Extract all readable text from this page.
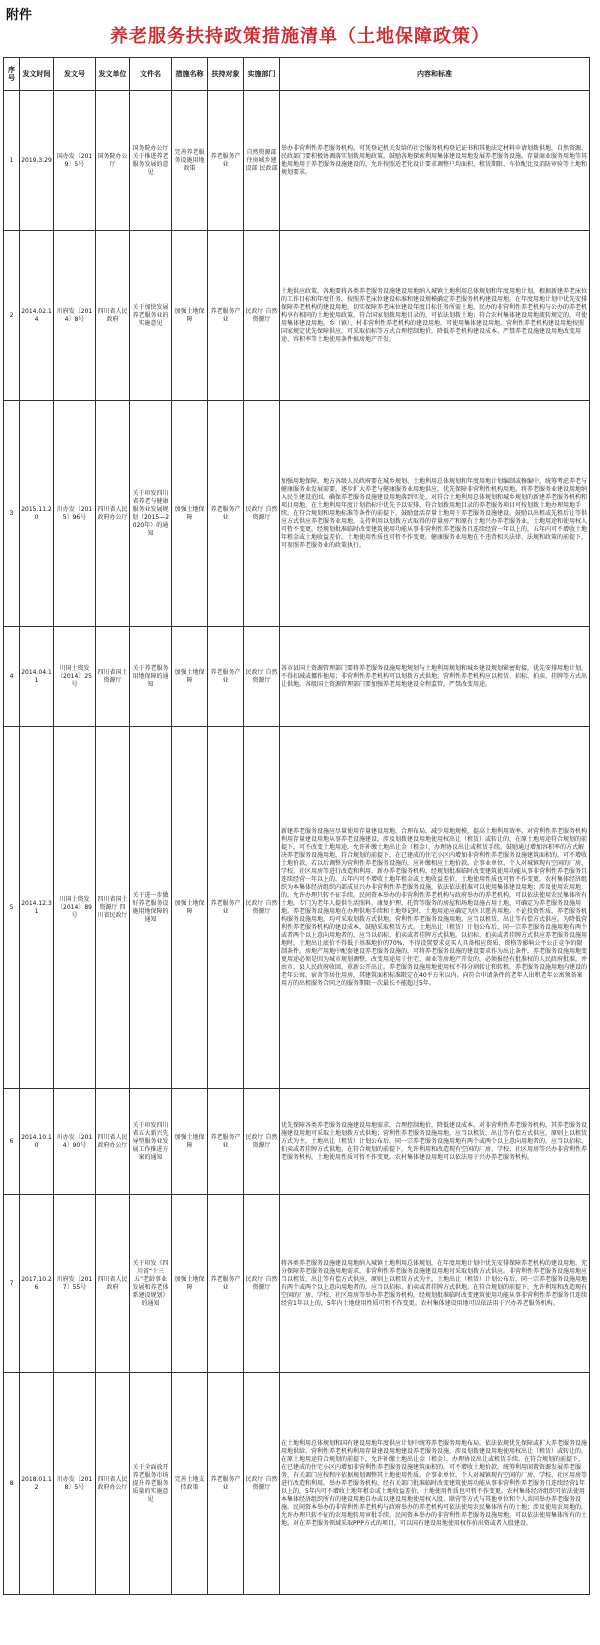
附件
养老服务扶持政策措施清单（土地保障政策）
序号	发文时间	发文号	发文单位	文件名	措施名称	扶持对象	实施部门	内容和标准
1	2019.3.29	国办发〔2019〕5号	国务院办公厅	国务院办公厅关于推进养老服务发展的意见	完善养老服务设施用地政策	养老服务产业	自然资源部 住房城乡建设部 民政部	举办非营利性养老服务机构，可凭登记机关发给的社会服务机构登记证书和其他法定材料申请划拨供地，自然资源、民政部门要积极协调落实划拨用地政策。鼓励各地探索利用集体建设用地发展养老服务设施。存量商业服务用地等其他用地用于养老服务设施建设的，允许按照适老化设计要求调整户均面积、租赁期限、车位配比及消防审验等土地和规划要求。
2	2014.02.14	川府发〔2014〕8号	四川省人民政府	关于加快发展养老服务业的实施意见	加强土地保障	养老服务产业	民政厅 自然资源厅	土地供应政策。各地要将各类养老服务设施建设用地纳入城镇土地利用总体规划和年度用地计划，根据新建养老床位的工作目标和年度任务，按照养老床位建设标准和建设规模确定养老服务机构建设用地。在年度用地计划中优先安排保障养老机构的建设用地，切实保障养老床位建设年度目标任务所需土地。民办的非营利性养老机构与公办的养老机构享有相同的土地使用政策，符合国家划拨用地目录的，可依法划拨土地；符合农村集体建设用地流转规定的，可使用集体建设用地。乡（镇）、村非营利性养老机构的建设用地，可使用集体建设用地。营利性养老机构建设用地按照国家规定优先保障供应，可采取招标等方式合理控制地价，降低养老机构建设成本。严禁养老设施建设用地改变用途、容积率等土地使用条件搞房地产开发。
3	2015.11.20	川办发〔2015〕96号	四川省人民政府办公厅	关于印发四川省养老与健康服务业发展规划（2015—2020年）的通知	加强土地保障	养老服务产业	民政厅 自然资源厅	加强用地保障。地方各级人民政府要在城乡规划、土地利用总体规划和年度用地计划编制或修编中，统筹考虑养老与健康服务业发展需要，逐步扩大养老与健康服务业用地供应，优先保障非营利性机构用地。将养老服务业建设用地纳入民生建设范围，确保养老服务设施建设用地落到实处，对符合土地利用总体规划和城乡规划的新建养老服务机构和项目用地，在土地利用年度计划指标中优先予以安排，符合划拨用地目录的养老服务项目可按划拨土地办理用地手续。在符合规划和用地标准等条件的前提下，鼓励盘活存量土地用于养老服务设施建设。鼓励以出租或先租后让等供应方式供应养老服务业用地，支持利用以划拨方式取得的存量房产和原有土地兴办养老服务业，土地用途和使用权人可暂不变更。经规划批准临时改变建筑使用功能从事非营利性养老服务且连续经营一年以上的，五年内可不增收土地年租金或土地收益差价，土地使用性质也可暂不作变更。健康服务业用地在不违背相关法律、法规和政策的前提下，可参照养老服务业的政策执行。
4	2014.04.11	川国土资发〔2014〕25号	四川省国土资源厅	关于养老服务用地保障的通知	加强土地保障	养老服务产业	民政厅 自然资源厅	各市县国土资源管理部门要将养老服务设施用地规划与土地利用规划和城乡建设规划紧密衔接，优先安排用地计划，不得扣减或挪作他用；非营利性养老机构可以划拨方式供地，营利性养老机构应以租赁、招标、拍卖、挂牌等方式出让供地。各级国土资源管理部门要加强养老用地建设全程监管，严禁改变用途。
5	2014.12.31	川国土资发〔2014〕89号	四川省国土资源厅 四川省民政厅	关于进一步做好养老服务设施用地保障的通知	加强土地保障	养老服务产业	民政厅 自然资源厅	新建养老服务设施应尽量使用存量建设用地，合理布局，减少用地规模，提高土地利用效率。对营利性养老服务机构利用存量建设用地从事养老设施建设，涉及划拨建设用地使用权出让（租赁）或转让的，在原土地用途符合规划的前提下，可不改变土地用途，允许补缴土地出让金（租金），办理协议出让或租赁手续。鼓励通过增加容积率的方式解决养老服务设施用地，符合规划的前提下，在已建成的住宅小区内增加非营利性养老服务设施建筑面积的，可不增收土地价款，若以后调整为营利性养老服务设施的，应补缴相应土地价款。企事业单位、个人对城镇现有空闲的厂房、学校、社区用房等进行改造和利用，新办养老服务机构，经规划批准临时改变建筑使用功能从事非营利性养老服务且连续经营一年以上的，五年内可不增收土地年租金或土地收益差价，土地使用性质也可暂不作变更。农村集体经济组织为本集体经济组织内部成员兴办非营利性养老服务设施，依法依法批准可以使用集体建设用地；涉及使用农用地的，允许办理只转不征手续。民间资本举办的非营利性养老机构与政府举办的养老机构，可以依法使用农民集体所有土地。专门为老年人提供生活照料、康复护理、托管等服务的房屋和场地设施占用土地，可确定为养老服务设施用地。养老服务设施用地在办理供地手续和土地登记时，土地用途应确定为医卫慈善用地。不论投资性质，养老服务机构服务设施用地，均可采取划拨方式供地。营利性养老服务设施用地，应当以租赁、出让等有偿方式供应。为降低营利性养老服务机构的建设成本，鼓励采取租赁方式。土地出让（租赁）计划公布后，同一宗养老服务设施用地有两个或者两个以上意向用地者的，应当以招标、拍卖或者挂牌方式供地。以招标、拍卖或者挂牌方式供应养老服务设施用地时，土地出让底价不得低于基准地价的70%，不得设置要求竞买人具备相应资质、资格等影响公平公正竞争的限制条件。房地产用地中配套建设养老服务设施的，可将养老服务设施的建设要求作为出让条件，养老服务设施用地变更用途必须是因为城市规划调整，改变用途用于住宅、商业等房地产开发的，必须报经有批准权的人民政府批准，并由市、县人民政府收回，重新公开出让。养老服务设施用地使用权不得分割转让和转租。养老服务设施用地内建设的老年公寓、宿舍等居住用房，其建筑面积标准限定在40平方米以内。向符合申请条件的老年人出租老年公寓须备案用方的出租服务合同之的服务期限一次最长不能超过5年。
6	2014.10.10	川办发〔2014〕90号	四川省人民政府办公厅	关于印发四川省五大新兴先导型服务业发展工作推进方案的通知	加强土地保障	养老服务产业	民政厅 自然资源厅	优先保障各类养老服务设施建设用地需求，合理控制地价，降低建设成本。对非营利性养老服务机构，其养老服务设施建设用地可采取土地划拨方式供地；营利性养老服务设施用地，应当以租赁、出让等有偿方式供应，原则上以租赁方式为主，土地出让（租赁）计划公布后，同一宗养老服务设施用地有两个或两个以上意向用地者的，应当以招标、拍卖或者挂牌方式供地。在符合规划的前提下，允许利用和改造现有空闲的厂房、学校、社区用房等兴办非营利性养老服务机构，土地使用性质可暂不作变更。农村集体建设用地可以依法用于兴办养老服务机构。
7	2017.10.26	川府发〔2017〕55号	四川省人民政府	关于印发《四川省“十三五”老龄事业发展和养老体系建设规划》的通知	加强土地保障	养老服务产业	民政厅 自然资源厅	将各类养老服务设施建设用地纳入城镇土地利用总体规划，在年度用地计划中优先安排保障养老机构的建设用地。充分保障养老服务设施用地需求，非营利性养老服务设施建设用地可采取划拨方式供应。非营利性养老服务设施用地应当以租赁、出让等有偿方式供应，原则上以租赁方式为主，土地出让（租赁）计划公布后，同一宗养老服务设施用地有两个或两个以上意向用地者的，应当以招标、拍卖或者挂牌方式供地。在符合规划的前提下，允许利用和改造现有空闲的厂房、学校、社区用房等举办养老服务机构，经规划批准临时改变建筑使用功能从事非营利性养老服务且连续经营1年以上的，5年内土地使用性质可暂不作变更。农村集体建设用地可以依法用于兴办养老服务机构。
8	2018.01.12	川办发〔2018〕5号	四川省人民政府办公厅	关于全面放开养老服务市场提升养老服务质量的实施意见	完善土地支持政策	养老服务产业	民政厅 自然资源厅	在土地利用总体规划和国有建设用地年度供应计划中统筹养老服务用地布局，依法依规优先保障或扩大养老服务设施用地供给。营利性养老机构利用存量建设用地建设养老服务设施，涉及划拨建设用地使用权出让（租赁）或转让的，在原土地用途符合规划的前提下，允许补缴土地出让金（租金），办理协议出让或租赁手续。在符合规划的前提下，在已建成的住宅小区内增加非营利性养老服务设施建筑面积的，可不增收土地价款。统筹利用闲置资源发展养老服务，有关部门应按程序依据规划调整其土地使用性质。企事业单位、个人对城镇现有空闲的厂房、学校、社区用房等进行改造和利用，举办养老服务机构，经有关部门批准临时改变建筑使用功能从事非营利性养老服务且连续经营1年以上的，5年内可不增收土地年租金或土地收益差价，土地使用性质也可暂不作变更。农村集体经济组织可依法使用本集体经济组织所有的建设用地自办或以建设用地使用权入股、联营等方式与其他单位和个人共同举办养老服务设施。民间资本举办的非营利性养老机构与政府举办的养老机构可依法使用农民集体所有的土地；涉及使用农用地的，允许办理只转不征的农用地转用审批手续。民间资本举办的非营利性养老服务设施用地，可以依法使用集体所有的土地。对在养老服务领域采取PPP方式的项目，可以国有建设用地使用权作价出资或者入股建设。
